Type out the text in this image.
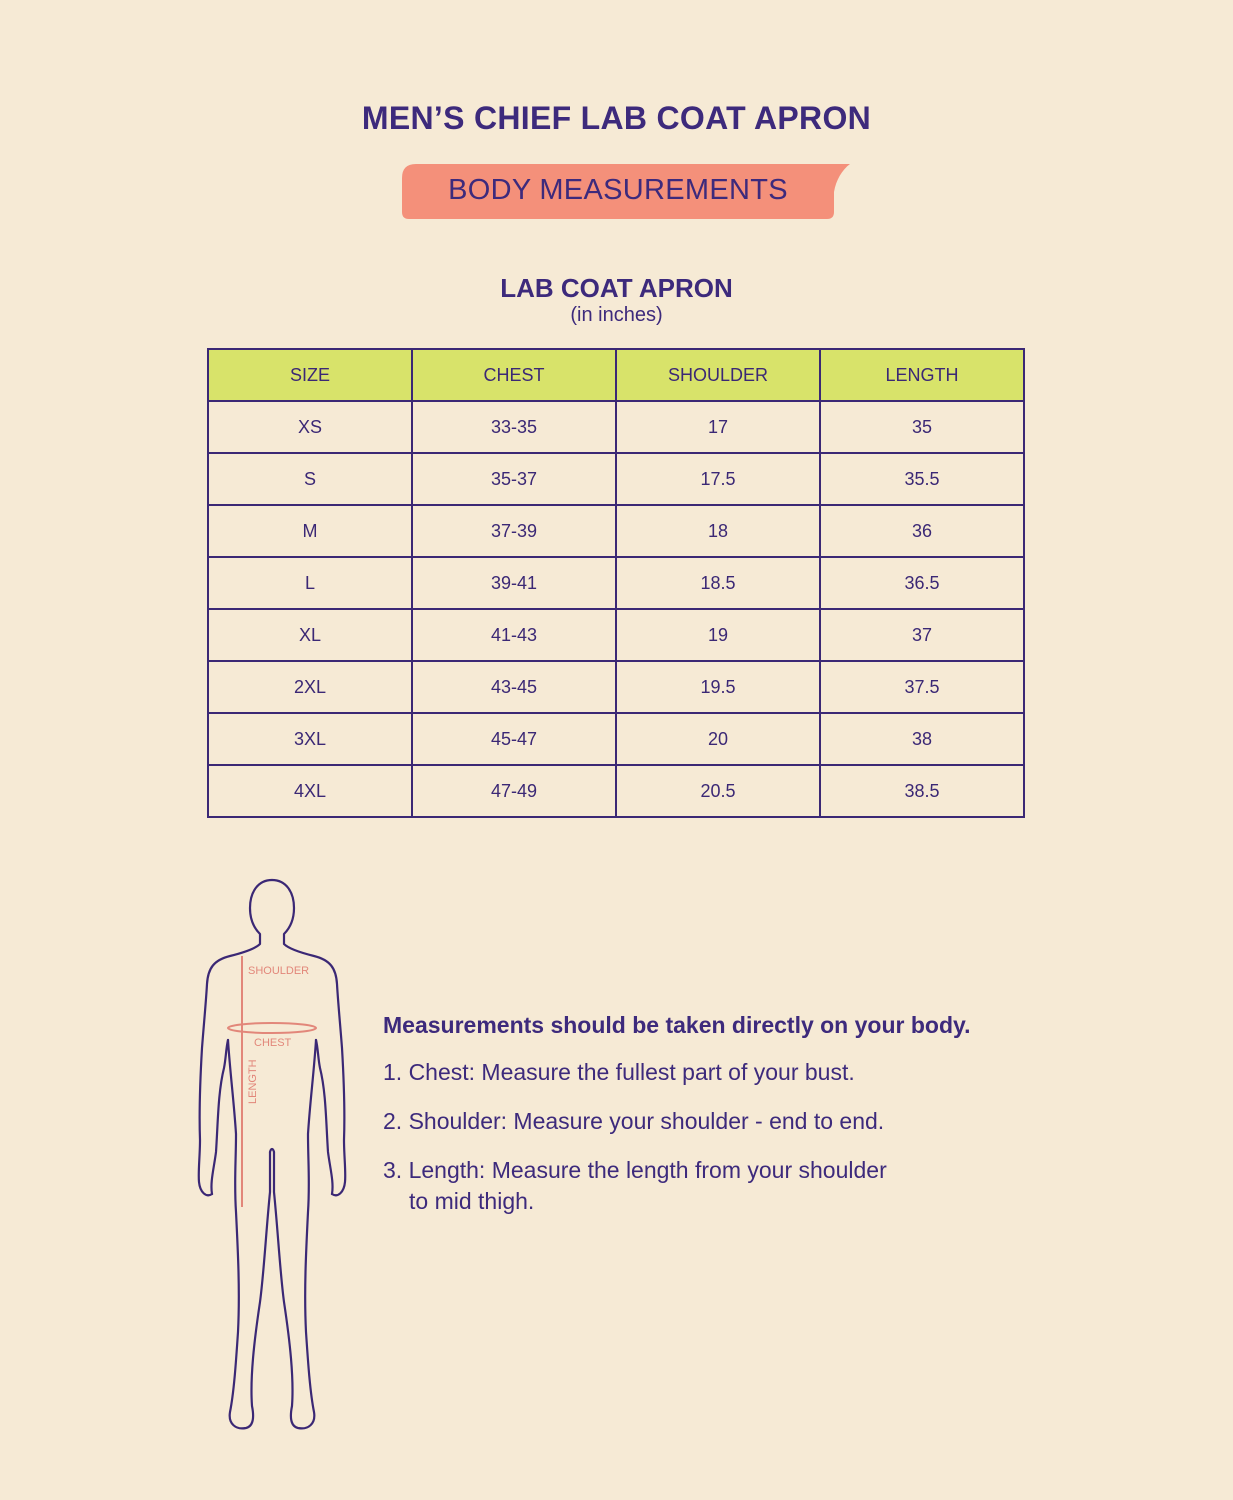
MEN’S CHIEF LAB COAT APRON
BODY MEASUREMENTS
LAB COAT APRON
(in inches)
SIZE	CHEST	SHOULDER	LENGTH
XS	33-35	17	35
S	35-37	17.5	35.5
M	37-39	18	36
L	39-41	18.5	36.5
XL	41-43	19	37
2XL	43-45	19.5	37.5
3XL	45-47	20	38
4XL	47-49	20.5	38.5
SHOULDER
CHEST
LENGTH

Measurements should be taken directly on your body.

1. Chest: Measure the fullest part of your bust.

2. Shoulder: Measure your shoulder - end to end.

3. Length: Measure the length from your shoulder
to mid thigh.
